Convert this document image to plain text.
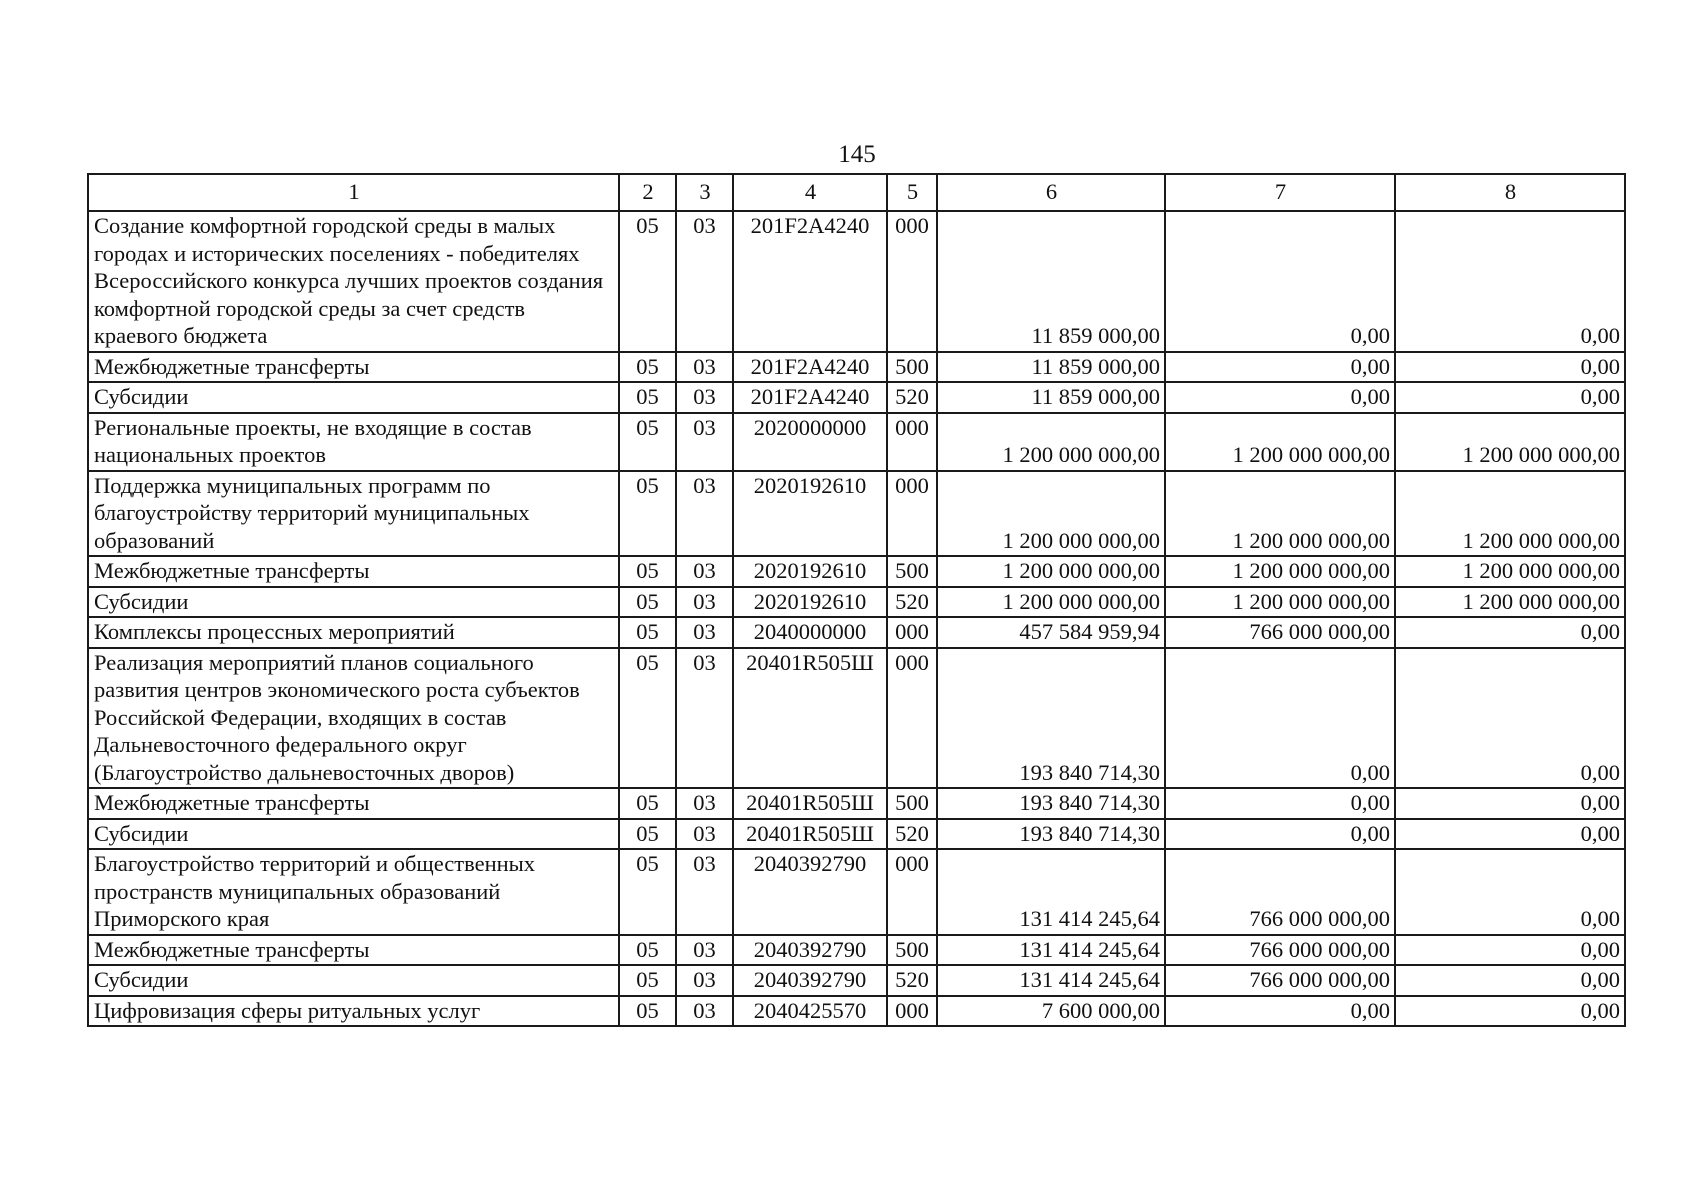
145
1	2	3	4	5	6	7	8
Создание комфортной городской среды в малых городах и исторических поселениях - победителях Всероссийского конкурса лучших проектов создания комфортной городской среды за счет средств краевого бюджета	05	03	201F2A4240	000	11 859 000,00	0,00	0,00
Межбюджетные трансферты	05	03	201F2A4240	500	11 859 000,00	0,00	0,00
Субсидии	05	03	201F2A4240	520	11 859 000,00	0,00	0,00
Региональные проекты, не входящие в состав национальных проектов	05	03	2020000000	000	1 200 000 000,00	1 200 000 000,00	1 200 000 000,00
Поддержка муниципальных программ по благоустройству территорий муниципальных образований	05	03	2020192610	000	1 200 000 000,00	1 200 000 000,00	1 200 000 000,00
Межбюджетные трансферты	05	03	2020192610	500	1 200 000 000,00	1 200 000 000,00	1 200 000 000,00
Субсидии	05	03	2020192610	520	1 200 000 000,00	1 200 000 000,00	1 200 000 000,00
Комплексы процессных мероприятий	05	03	2040000000	000	457 584 959,94	766 000 000,00	0,00
Реализация мероприятий планов социального развития центров экономического роста субъектов Российской Федерации, входящих в состав Дальневосточного федерального округ (Благоустройство дальневосточных дворов)	05	03	20401R505Ш	000	193 840 714,30	0,00	0,00
Межбюджетные трансферты	05	03	20401R505Ш	500	193 840 714,30	0,00	0,00
Субсидии	05	03	20401R505Ш	520	193 840 714,30	0,00	0,00
Благоустройство территорий и общественных пространств муниципальных образований Приморского края	05	03	2040392790	000	131 414 245,64	766 000 000,00	0,00
Межбюджетные трансферты	05	03	2040392790	500	131 414 245,64	766 000 000,00	0,00
Субсидии	05	03	2040392790	520	131 414 245,64	766 000 000,00	0,00
Цифровизация сферы ритуальных услуг	05	03	2040425570	000	7 600 000,00	0,00	0,00
